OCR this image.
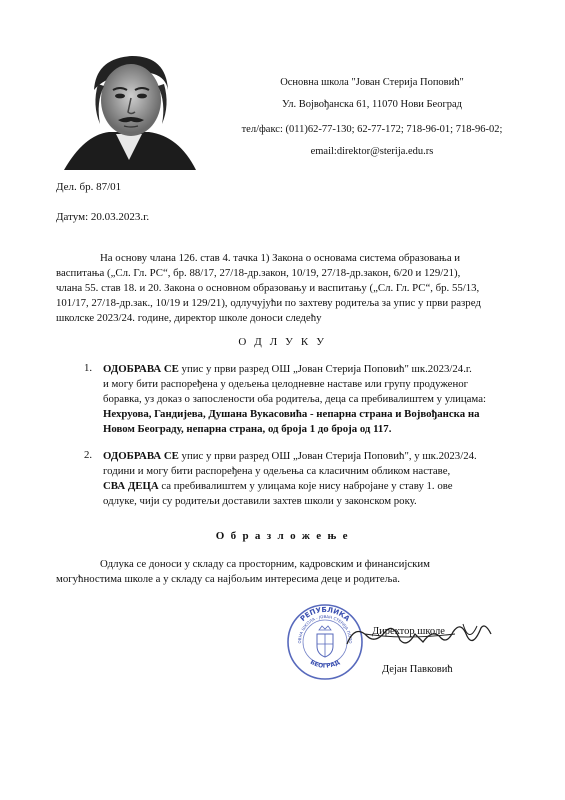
Основна школа "Јован Стерија Поповић"
Ул. Војвођанска 61, 11070 Нови Београд
тел/факс: (011)62-77-130; 62-77-172; 718-96-01; 718-96-02;
email:direktor@sterija.edu.rs
Дел. бр. 87/01
Датум: 20.03.2023.г.
На основу члана 126. став 4. тачка 1) Закона о основама система образовања и
васпитања („Сл. Гл. РС“, бр. 88/17, 27/18-др.закон, 10/19, 27/18-др.закон, 6/20 и 129/21),
члана 55. став 18. и 20. Закона о основном образовању и васпитању („Сл. Гл. РС“, бр. 55/13,
101/17, 27/18-др.зак., 10/19 и 129/21), одлучујући по захтеву родитеља за упис у први разред
школске 2023/24. године, директор школе доноси следећу
О Д Л У К У
1. ОДОБРАВА СЕ упис у први разред ОШ „Јован Стерија Поповић" шк.2023/24.г.
и могу бити распоређена у одељења целодневне наставе или групу продуженог
боравка, уз доказ о запослености оба родитеља, деца са пребивалиштем у улицама:
Нехруова, Гандијева, Душана Вукасовића - непарна страна и Војвођанска на
Новом Београду, непарна страна, од броја 1 до броја од 117.
2. ОДОБРАВА СЕ упис у први разред ОШ „Јован Стерија Поповић", у шк.2023/24.
години и могу бити распоређена у одељења са класичним обликом наставе,
СВА ДЕЦА са пребивалиштем у улицама које нису набројане у ставу 1. ове
одлуке, чији су родитељи доставили захтев школи у законском року.
О б р а з л о ж е њ е
Одлука се доноси у складу са просторним, кадровским и финансијским
могућностима школе а у складу са најбољим интересима деце и родитеља.
РЕПУБЛИКА
ОВНА ШКОЛА - ЈОВАН СТЕРИЈА ПОПО
БЕОГРАД
Директор школе
Дејан Павковић
